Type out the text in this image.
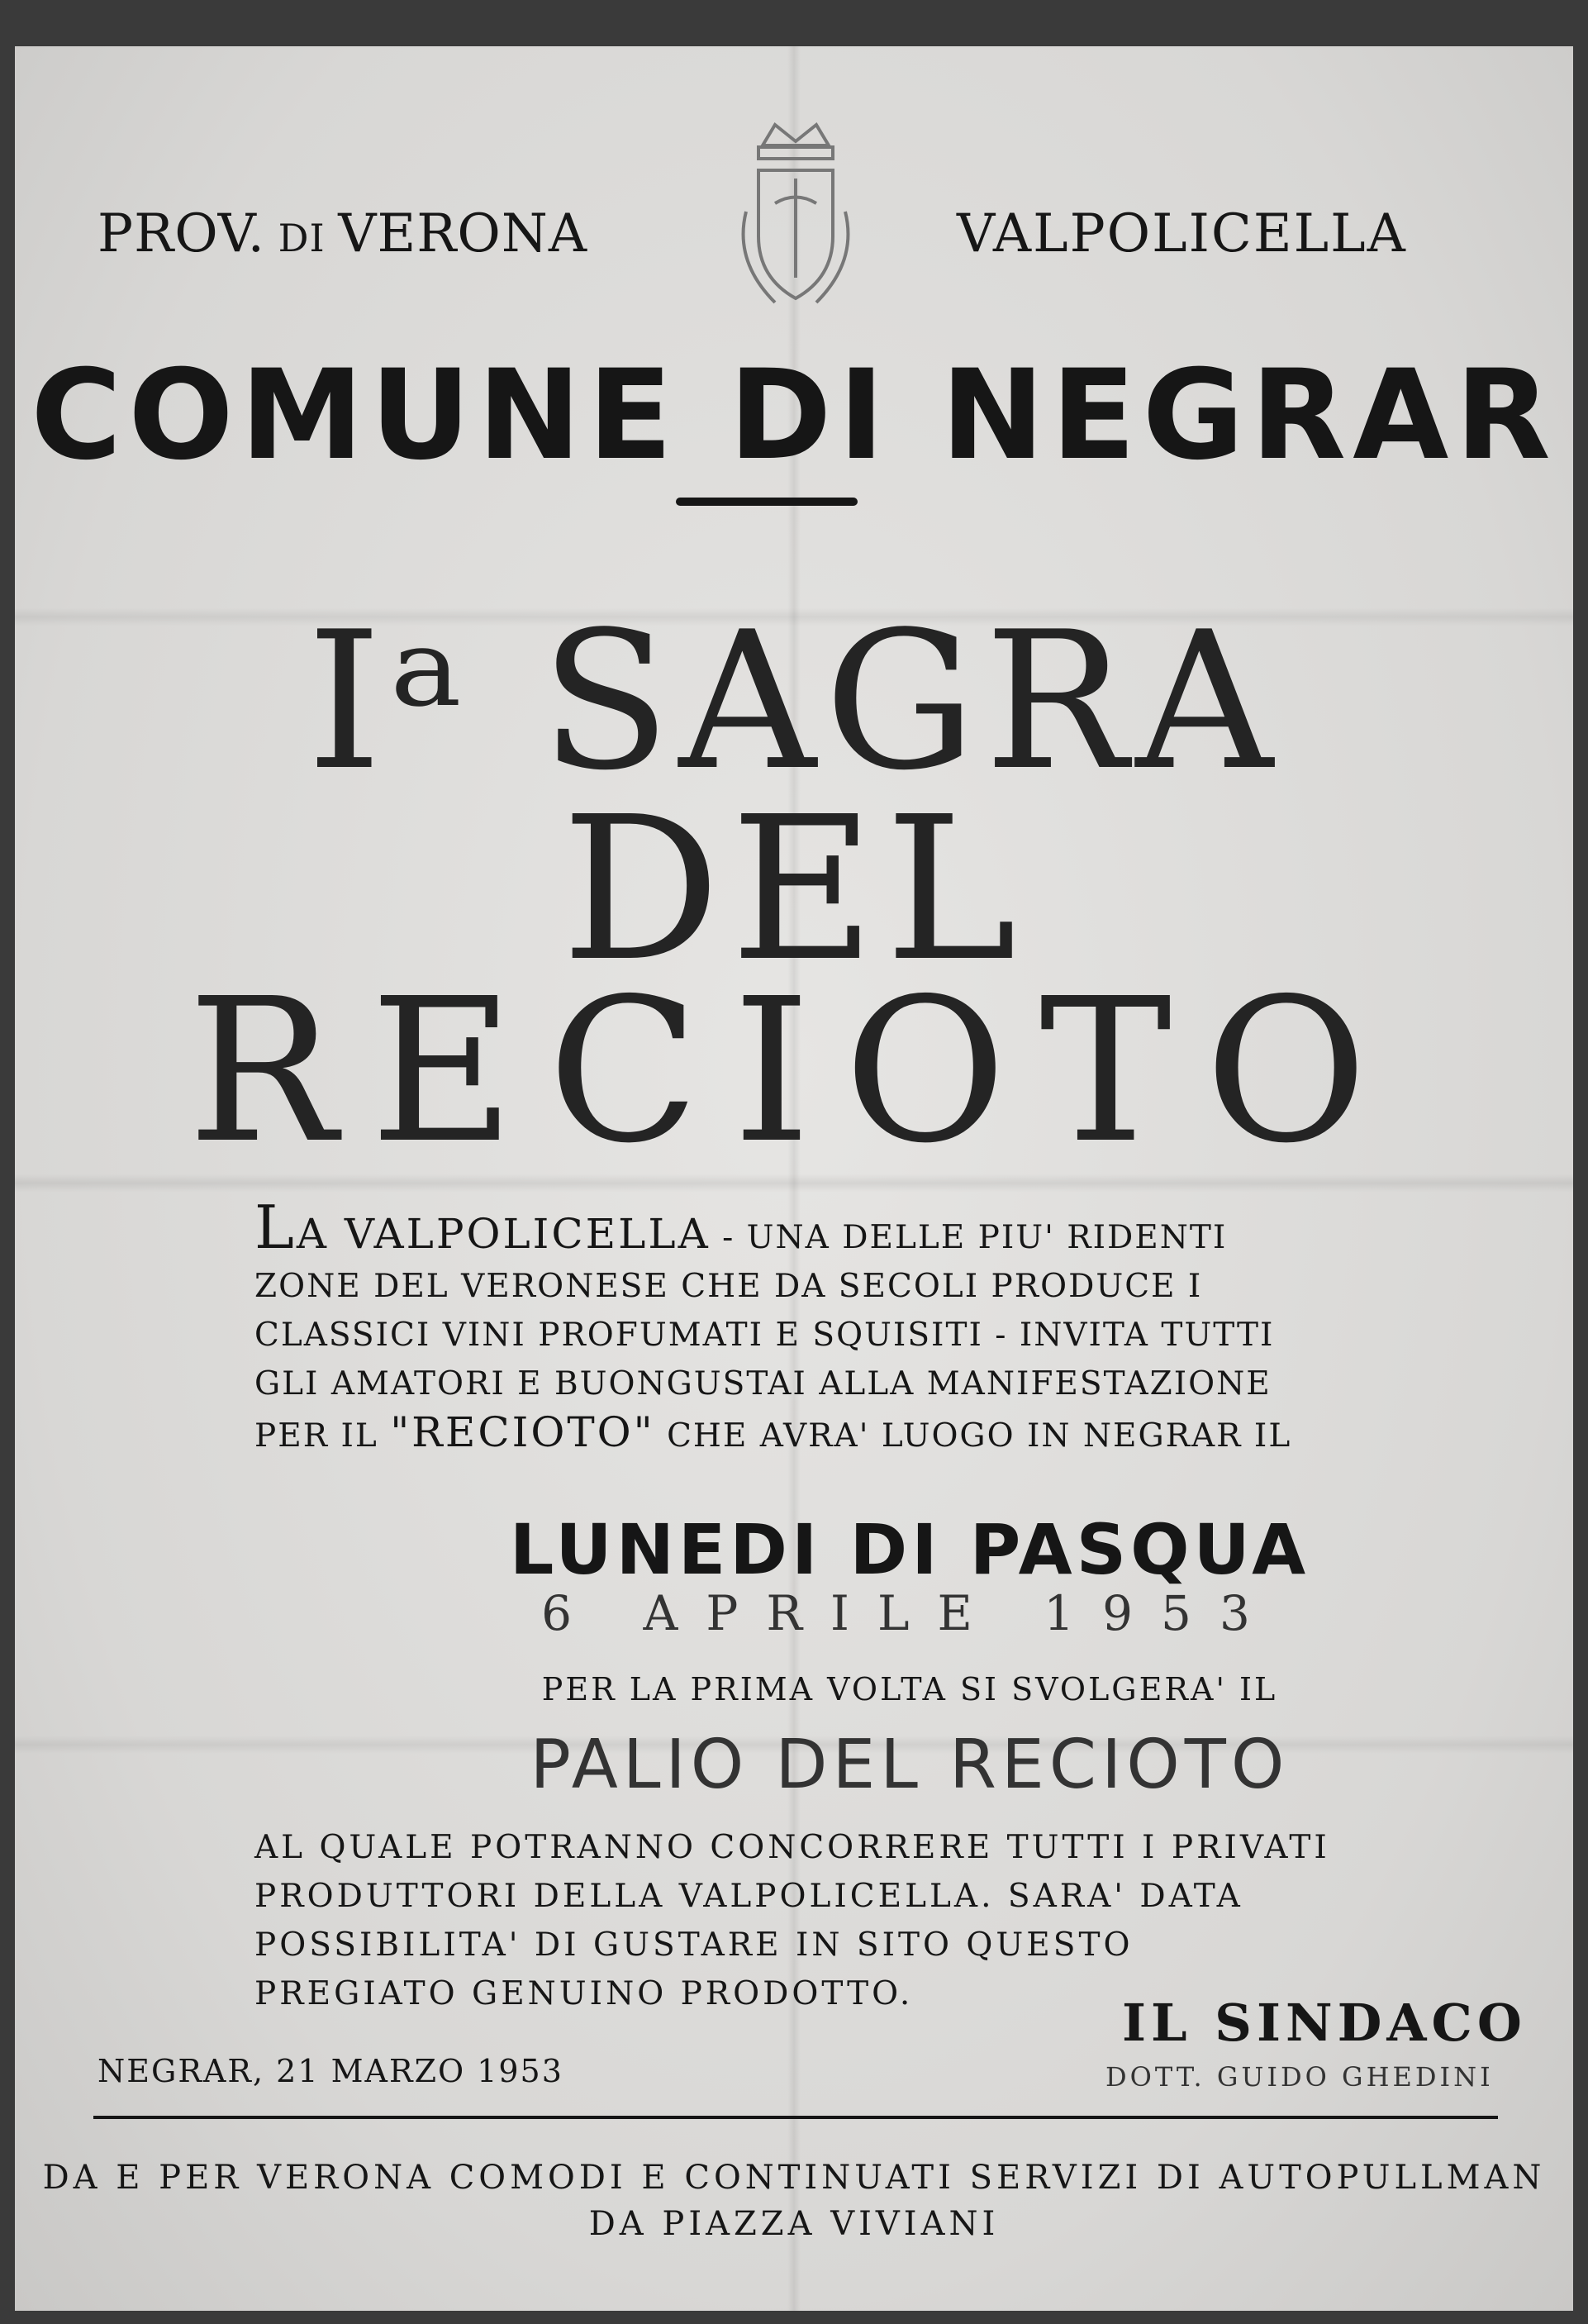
PROV. DI VERONA	VALPOLICELLA
COMUNE DI NEGRAR
Iᵃ SAGRA
DEL
RECIOTO
LA VALPOLICELLA - UNA DELLE PIU' RIDENTI ZONE DEL VERONESE CHE DA SECOLI PRODUCE I CLASSICI VINI PROFUMATI E SQUISITI - INVITA TUTTI GLI AMATORI E BUONGUSTAI ALLA MANIFESTAZIONE PER IL "RECIOTO" CHE AVRA' LUOGO IN NEGRAR IL
LUNEDI DI PASQUA
6 APRILE 1953
PER LA PRIMA VOLTA SI SVOLGERA' IL
PALIO DEL RECIOTO
AL QUALE POTRANNO CONCORRERE TUTTI I PRIVATI PRODUTTORI DELLA VALPOLICELLA. SARA' DATA POSSIBILITA' DI GUSTARE IN SITO QUESTO PREGIATO GENUINO PRODOTTO.
NEGRAR, 21 MARZO 1953
IL SINDACO
DOTT. GUIDO GHEDINI
DA E PER VERONA COMODI E CONTINUATI SERVIZI DI AUTOPULLMAN
DA PIAZZA VIVIANI
